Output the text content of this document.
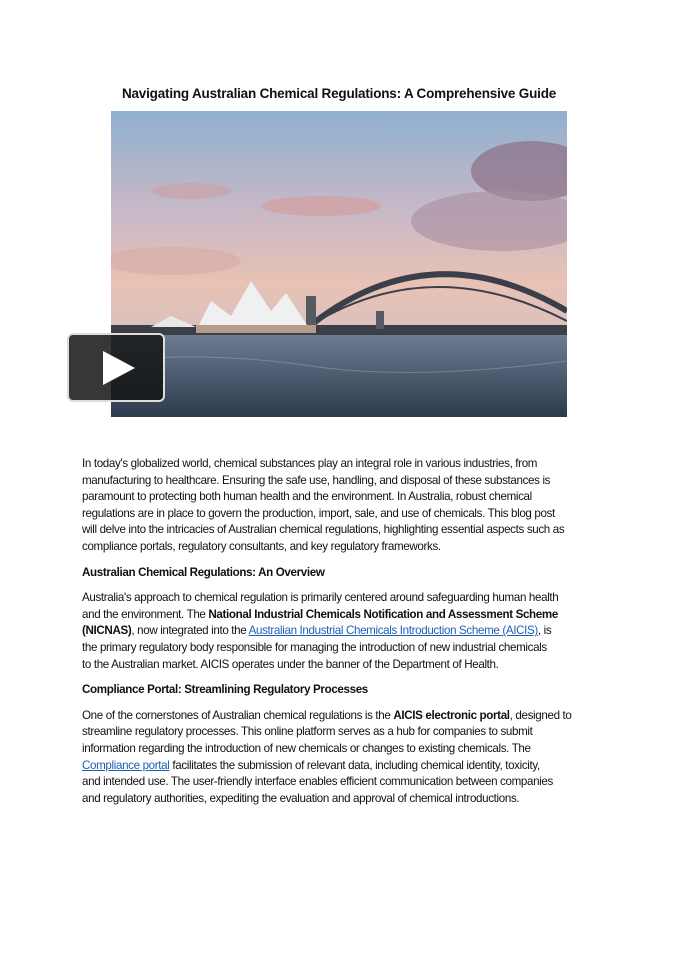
Navigating Australian Chemical Regulations: A Comprehensive Guide
In today's globalized world, chemical substances play an integral role in various industries, from
manufacturing to healthcare. Ensuring the safe use, handling, and disposal of these substances is
paramount to protecting both human health and the environment. In Australia, robust chemical
regulations are in place to govern the production, import, sale, and use of chemicals. This blog post
will delve into the intricacies of Australian chemical regulations, highlighting essential aspects such as
compliance portals, regulatory consultants, and key regulatory frameworks.
Australian Chemical Regulations: An Overview
Australia's approach to chemical regulation is primarily centered around safeguarding human health
and the environment. The National Industrial Chemicals Notification and Assessment Scheme
(NICNAS), now integrated into the Australian Industrial Chemicals Introduction Scheme (AICIS), is
the primary regulatory body responsible for managing the introduction of new industrial chemicals
to the Australian market. AICIS operates under the banner of the Department of Health.
Compliance Portal: Streamlining Regulatory Processes
One of the cornerstones of Australian chemical regulations is the AICIS electronic portal, designed to
streamline regulatory processes. This online platform serves as a hub for companies to submit
information regarding the introduction of new chemicals or changes to existing chemicals. The
Compliance portal facilitates the submission of relevant data, including chemical identity, toxicity,
and intended use. The user-friendly interface enables efficient communication between companies
and regulatory authorities, expediting the evaluation and approval of chemical introductions.
